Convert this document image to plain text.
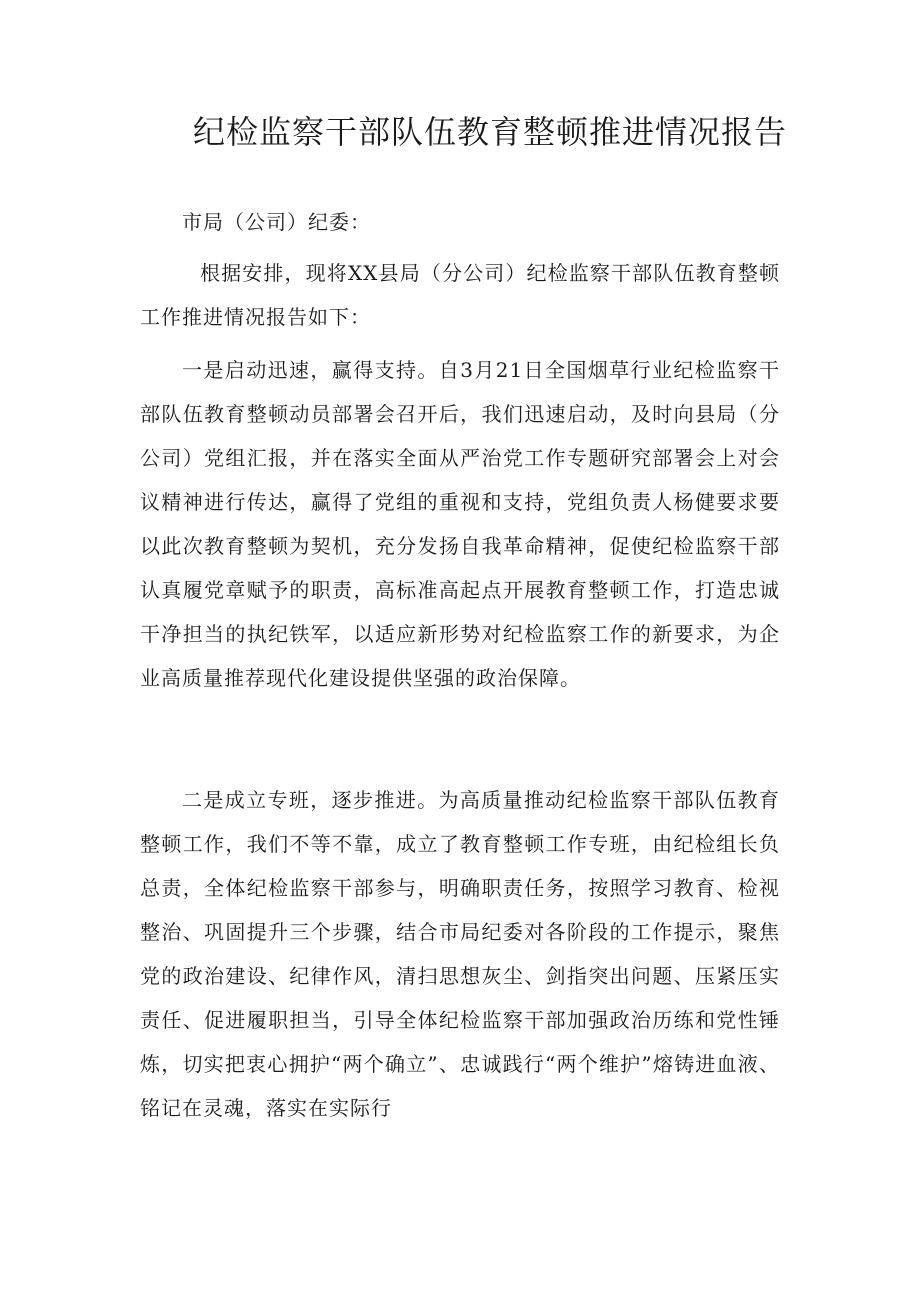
纪检监察干部队伍教育整顿推进情况报告
市局（公司）纪委：

根据安排，现将XX县局（分公司）纪检监察干部队伍教育整顿工作推进情况报告如下：

一是启动迅速，赢得支持。自3月21日全国烟草行业纪检监察干部队伍教育整顿动员部署会召开后，我们迅速启动，及时向县局（分公司）党组汇报，并在落实全面从严治党工作专题研究部署会上对会议精神进行传达，赢得了党组的重视和支持，党组负责人杨健要求要以此次教育整顿为契机，充分发扬自我革命精神，促使纪检监察干部认真履党章赋予的职责，高标准高起点开展教育整顿工作，打造忠诚干净担当的执纪铁军，以适应新形势对纪检监察工作的新要求，为企业高质量推荐现代化建设提供坚强的政治保障。

二是成立专班，逐步推进。为高质量推动纪检监察干部队伍教育整顿工作，我们不等不靠，成立了教育整顿工作专班，由纪检组长负总责，全体纪检监察干部参与，明确职责任务，按照学习教育、检视整治、巩固提升三个步骤，结合市局纪委对各阶段的工作提示，聚焦党的政治建设、纪律作风，清扫思想灰尘、剑指突出问题、压紧压实责任、促进履职担当，引导全体纪检监察干部加强政治历练和党性锤炼，切实把衷心拥护“两个确立”、忠诚践行“两个维护”熔铸进血液、铭记在灵魂，落实在实际行
